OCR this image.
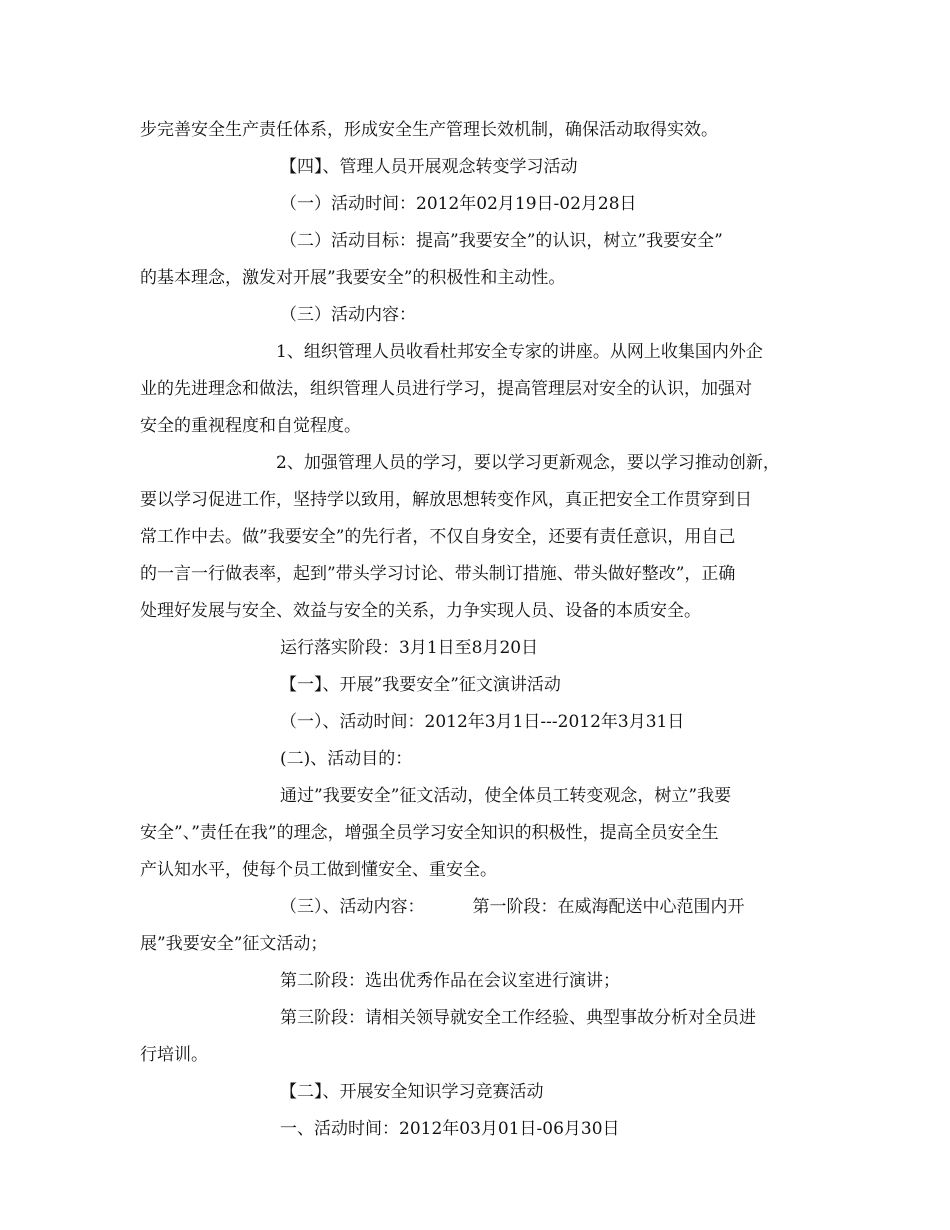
步完善安全生产责任体系，形成安全生产管理长效机制，确保活动取得实效。
【四】、管理人员开展观念转变学习活动
（一）活动时间：2012年02月19日-02月28日
（二）活动目标：提高”我要安全”的认识，树立”我要安全”
的基本理念，激发对开展”我要安全”的积极性和主动性。
（三）活动内容：
1、组织管理人员收看杜邦安全专家的讲座。从网上收集国内外企
业的先进理念和做法，组织管理人员进行学习，提高管理层对安全的认识，加强对
安全的重视程度和自觉程度。
2、加强管理人员的学习，要以学习更新观念，要以学习推动创新，
要以学习促进工作，坚持学以致用，解放思想转变作风，真正把安全工作贯穿到日
常工作中去。做”我要安全”的先行者，不仅自身安全，还要有责任意识，用自己
的一言一行做表率，起到”带头学习讨论、带头制订措施、带头做好整改”，正确
处理好发展与安全、效益与安全的关系，力争实现人员、设备的本质安全。
运行落实阶段：3月1日至8月20日
【一】、开展”我要安全”征文演讲活动
（一）、活动时间：2012年3月1日---2012年3月31日
(二)、活动目的：
通过”我要安全”征文活动，使全体员工转变观念，树立”我要
安全”、”责任在我”的理念，增强全员学习安全知识的积极性，提高全员安全生
产认知水平，使每个员工做到懂安全、重安全。
（三）、活动内容：	第一阶段：在威海配送中心范围内开
展”我要安全”征文活动；
第二阶段：选出优秀作品在会议室进行演讲；
第三阶段：请相关领导就安全工作经验、典型事故分析对全员进
行培训。
【二】、开展安全知识学习竞赛活动
一、活动时间：2012年03月01日-06月30日
